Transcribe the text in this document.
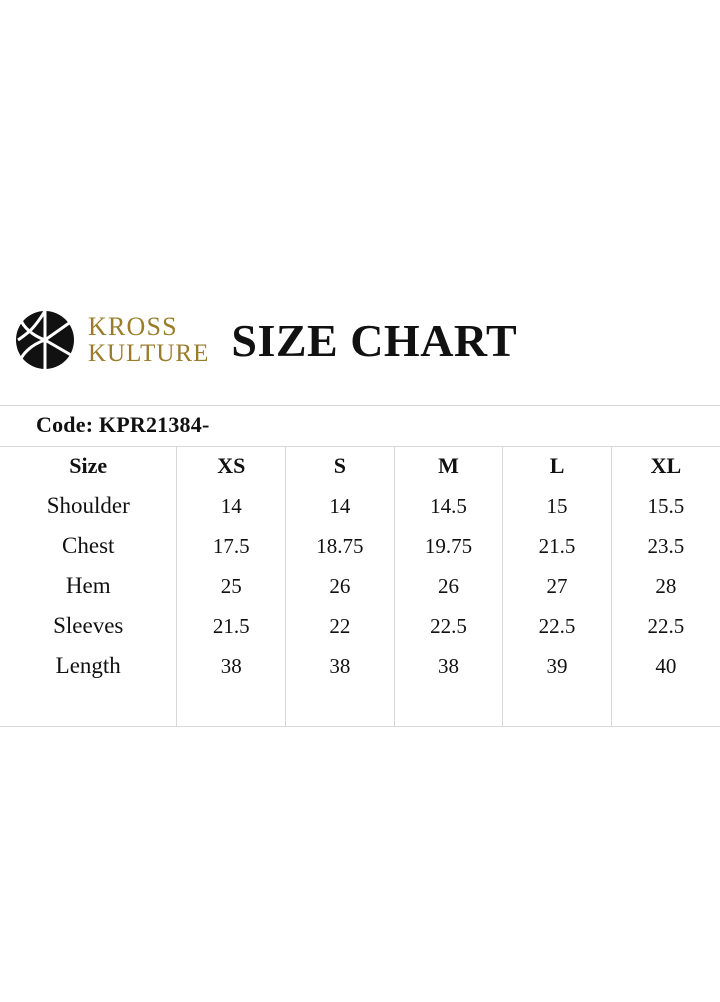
KROSS
KULTURE SIZE CHART
Code: KPR21384-
Size	XS	S	M	L	XL
Shoulder	14	14	14.5	15	15.5
Chest	17.5	18.75	19.75	21.5	23.5
Hem	25	26	26	27	28
Sleeves	21.5	22	22.5	22.5	22.5
Length	38	38	38	39	40
